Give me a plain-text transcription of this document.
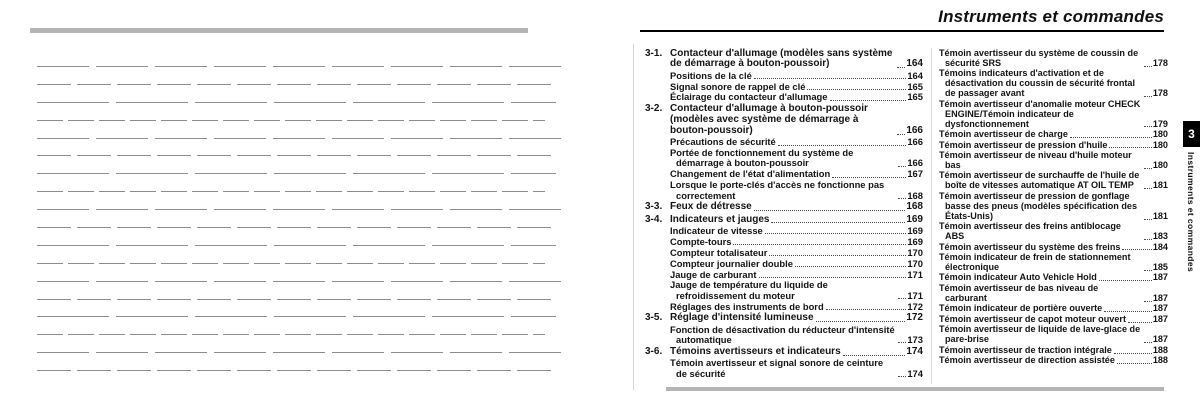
Instruments et commandes
3-1. Contacteur d'allumage (modèles sans système de démarrage à bouton-poussoir)	164
Positions de la clé	164
Signal sonore de rappel de clé	165
Éclairage du contacteur d'allumage	165
3-2. Contacteur d'allumage à bouton-poussoir (modèles avec système de démarrage à bouton-poussoir)	166
Précautions de sécurité	166
Portée de fonctionnement du système de démarrage à bouton-poussoir	166
Changement de l'état d'alimentation	167
Lorsque le porte-clés d'accès ne fonctionne pas correctement	168
3-3. Feux de détresse	168
3-4. Indicateurs et jauges	169
Indicateur de vitesse	169
Compte-tours	169
Compteur totalisateur	170
Compteur journalier double	170
Jauge de carburant	171
Jauge de température du liquide de refroidissement du moteur	171
Réglages des instruments de bord	172
3-5. Réglage d'intensité lumineuse	172
Fonction de désactivation du réducteur d'intensité automatique	173
3-6. Témoins avertisseurs et indicateurs	174
Témoin avertisseur et signal sonore de ceinture de sécurité	174
Témoin avertisseur du système de coussin de sécurité SRS	178
Témoins indicateurs d'activation et de désactivation du coussin de sécurité frontal de passager avant	178
Témoin avertisseur d'anomalie moteur CHECK ENGINE/Témoin indicateur de dysfonctionnement	179
Témoin avertisseur de charge	180
Témoin avertisseur de pression d'huile	180
Témoin avertisseur de niveau d'huile moteur bas	180
Témoin avertisseur de surchauffe de l'huile de boîte de vitesses automatique AT OIL TEMP	181
Témoin avertisseur de pression de gonflage basse des pneus (modèles spécification des États-Unis)	181
Témoin avertisseur des freins antiblocage ABS	183
Témoin avertisseur du système des freins	184
Témoin indicateur de frein de stationnement électronique	185
Témoin indicateur Auto Vehicle Hold	187
Témoin avertisseur de bas niveau de carburant	187
Témoin indicateur de portière ouverte	187
Témoin avertisseur de capot moteur ouvert	187
Témoin avertisseur de liquide de lave-glace de pare-brise	187
Témoin avertisseur de traction intégrale	188
Témoin avertisseur de direction assistée	188
3
Instruments et commandes
